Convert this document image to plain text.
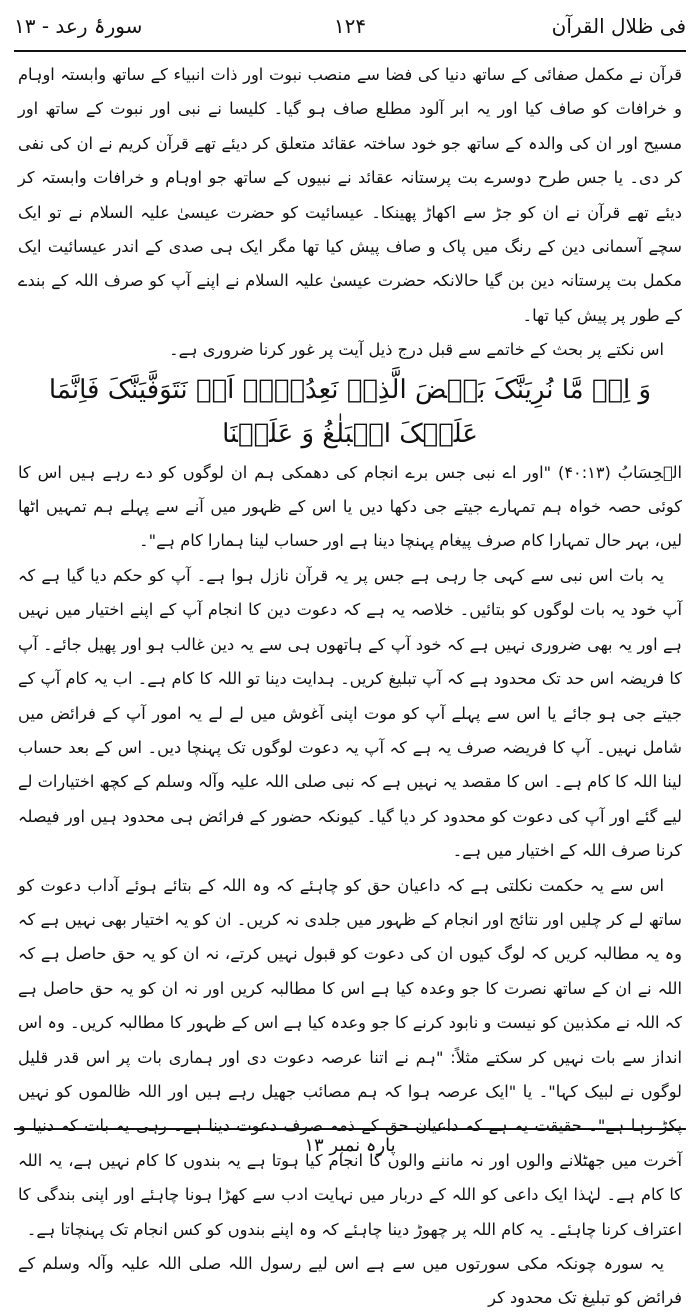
فی ظلال القرآن
۱۲۴
سورۂ رعد - ۱۳

قرآن نے مکمل صفائی کے ساتھ دنیا کی فضا سے منصب نبوت اور ذات انبیاء کے ساتھ وابستہ اوہام و خرافات کو صاف کیا اور یہ ابر آلود مطلع صاف ہو گیا۔ کلیسا نے نبی اور نبوت کے ساتھ اور مسیح اور ان کی والدہ کے ساتھ جو خود ساختہ عقائد متعلق کر دیئے تھے قرآن کریم نے ان کی نفی کر دی۔ یا جس طرح دوسرے بت پرستانہ عقائد نے نبیوں کے ساتھ جو اوہام و خرافات وابستہ کر دیئے تھے قرآن نے ان کو جڑ سے اکھاڑ پھینکا۔ عیسائیت کو حضرت عیسیٰ علیہ السلام نے تو ایک سچے آسمانی دین کے رنگ میں پاک و صاف پیش کیا تھا مگر ایک ہی صدی کے اندر عیسائیت ایک مکمل بت پرستانہ دین بن گیا حالانکہ حضرت عیسیٰ علیہ السلام نے اپنے آپ کو صرف اللہ کے بندے کے طور پر پیش کیا تھا۔

اس نکتے پر بحث کے خاتمے سے قبل درج ذیل آیت پر غور کرنا ضروری ہے۔

وَ اِنۡ مَّا نُرِیَنَّکَ بَعۡضَ الَّذِیۡ نَعِدُہُمۡ اَوۡ نَتَوَفَّیَنَّکَ فَاِنَّمَا عَلَیۡکَ الۡبَلٰغُ وَ عَلَیۡنَا

الۡحِسَابُ (۴۰:۱۳) "اور اے نبی جس برے انجام کی دھمکی ہم ان لوگوں کو دے رہے ہیں اس کا کوئی حصہ خواہ ہم تمہارے جیتے جی دکھا دیں یا اس کے ظہور میں آنے سے پہلے ہم تمہیں اٹھا لیں، بہر حال تمہارا کام صرف پیغام پہنچا دینا ہے اور حساب لینا ہمارا کام ہے"۔

یہ بات اس نبی سے کہی جا رہی ہے جس پر یہ قرآن نازل ہوا ہے۔ آپ کو حکم دیا گیا ہے کہ آپ خود یہ بات لوگوں کو بتائیں۔ خلاصہ یہ ہے کہ دعوت دین کا انجام آپ کے اپنے اختیار میں نہیں ہے اور یہ بھی ضروری نہیں ہے کہ خود آپ کے ہاتھوں ہی سے یہ دین غالب ہو اور پھیل جائے۔ آپ کا فریضہ اس حد تک محدود ہے کہ آپ تبلیغ کریں۔ ہدایت دینا تو اللہ کا کام ہے۔ اب یہ کام آپ کے جیتے جی ہو جائے یا اس سے پہلے آپ کو موت اپنی آغوش میں لے لے یہ امور آپ کے فرائض میں شامل نہیں۔ آپ کا فریضہ صرف یہ ہے کہ آپ یہ دعوت لوگوں تک پہنچا دیں۔ اس کے بعد حساب لینا اللہ کا کام ہے۔ اس کا مقصد یہ نہیں ہے کہ نبی صلی اللہ علیہ وآلہ وسلم کے کچھ اختیارات لے لیے گئے اور آپ کی دعوت کو محدود کر دیا گیا۔ کیونکہ حضور کے فرائض ہی محدود ہیں اور فیصلہ کرنا صرف اللہ کے اختیار میں ہے۔

اس سے یہ حکمت نکلتی ہے کہ داعیان حق کو چاہئے کہ وہ اللہ کے بتائے ہوئے آداب دعوت کو ساتھ لے کر چلیں اور نتائج اور انجام کے ظہور میں جلدی نہ کریں۔ ان کو یہ اختیار بھی نہیں ہے کہ وہ یہ مطالبہ کریں کہ لوگ کیوں ان کی دعوت کو قبول نہیں کرتے، نہ ان کو یہ حق حاصل ہے کہ اللہ نے ان کے ساتھ نصرت کا جو وعدہ کیا ہے اس کا مطالبہ کریں اور نہ ان کو یہ حق حاصل ہے کہ اللہ نے مکذبین کو نیست و نابود کرنے کا جو وعدہ کیا ہے اس کے ظہور کا مطالبہ کریں۔ وہ اس انداز سے بات نہیں کر سکتے مثلاً: "ہم نے اتنا عرصہ دعوت دی اور ہماری بات پر اس قدر قلیل لوگوں نے لبیک کہا"۔ یا "ایک عرصہ ہوا کہ ہم مصائب جھیل رہے ہیں اور اللہ ظالموں کو نہیں پکڑ رہا ہے"۔ حقیقت یہ ہے کہ داعیان حق کے ذمہ صرف دعوت دینا ہے۔ رہی یہ بات کہ دنیا و آخرت میں جھٹلانے والوں اور نہ ماننے والوں کا انجام کیا ہوتا ہے یہ بندوں کا کام نہیں ہے، یہ اللہ کا کام ہے۔ لہٰذا ایک داعی کو اللہ کے دربار میں نہایت ادب سے کھڑا ہونا چاہئے اور اپنی بندگی کا اعتراف کرنا چاہئے۔ یہ کام اللہ پر چھوڑ دینا چاہئے کہ وہ اپنے بندوں کو کس انجام تک پہنچاتا ہے۔

یہ سورہ چونکہ مکی سورتوں میں سے ہے اس لیے رسول اللہ صلی اللہ علیہ وآلہ وسلم کے فرائض کو تبلیغ تک محدود کر

پارہ نمبر ۱۳
